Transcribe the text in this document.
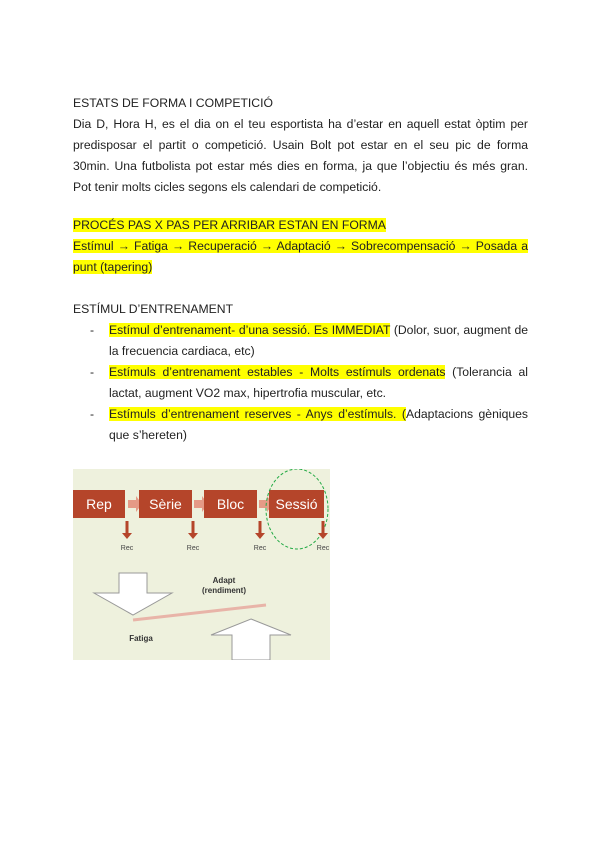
ESTATS DE FORMA I COMPETICIÓ
Dia D, Hora H, es el dia on el teu esportista ha d’estar en aquell estat òptim per predisposar el partit o competició. Usain Bolt pot estar en el seu pic de forma 30min. Una futbolista pot estar més dies en forma, ja que l’objectiu és més gran. Pot tenir molts cicles segons els calendari de competició.
PROCÉS PAS X PAS PER ARRIBAR ESTAN EN FORMA
Estímul → Fatiga → Recuperació → Adaptació → Sobrecompensació → Posada a punt (tapering)
ESTÍMUL D’ENTRENAMENT
- Estímul d’entrenament- d’una sessió. Es IMMEDIAT (Dolor, suor, augment de la frecuencia cardiaca, etc)
- Estímuls d’entrenament estables - Molts estímuls ordenats (Tolerancia al lactat, augment VO2 max, hipertrofia muscular, etc.
- Estímuls d’entrenament reserves - Anys d’estímuls. (Adaptacions gèniques que s’hereten)
Rep	Sèrie	Bloc Sessió
Rec	Rec	Rec	Rec
Adapt
(rendiment)
Fatiga
